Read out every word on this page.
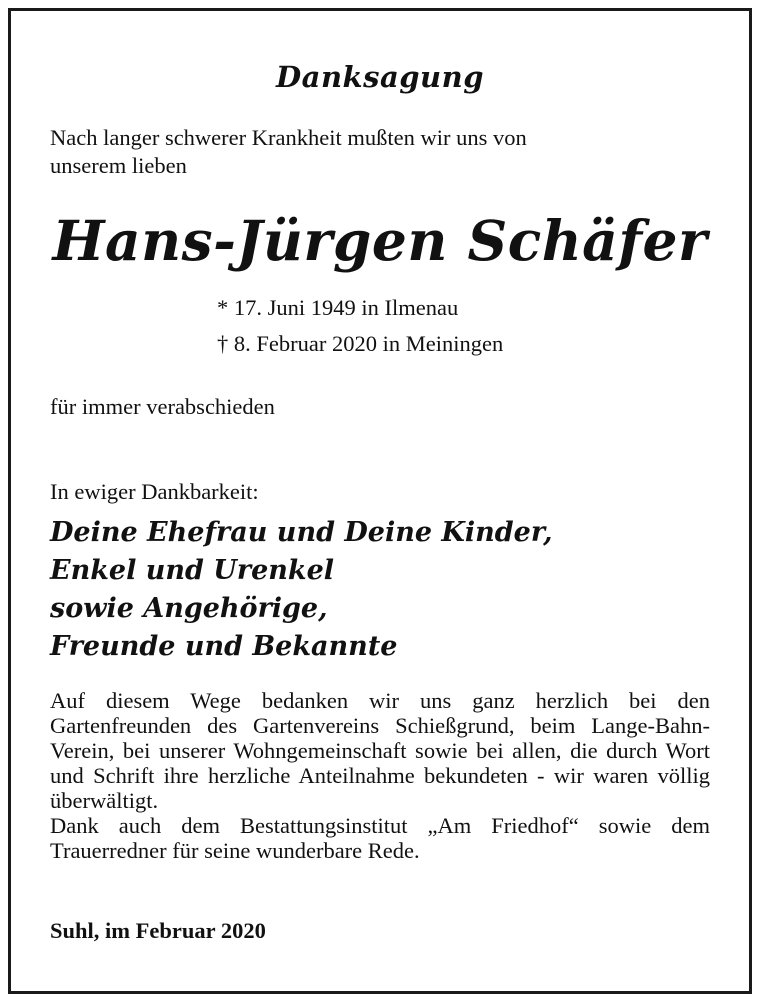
Danksagung
Nach langer schwerer Krankheit mußten wir uns von
unserem lieben
Hans-Jürgen Schäfer
* 17. Juni 1949 in Ilmenau
† 8. Februar 2020 in Meiningen
für immer verabschieden
In ewiger Dankbarkeit:
Deine Ehefrau und Deine Kinder,
Enkel und Urenkel
sowie Angehörige,
Freunde und Bekannte

Auf diesem Wege bedanken wir uns ganz herzlich bei den Gartenfreunden des Gartenvereins Schießgrund, beim Lange-Bahn-Verein, bei unserer Wohngemeinschaft sowie bei allen, die durch Wort und Schrift ihre herzliche Anteilnahme bekundeten - wir waren völlig überwältigt.

Dank auch dem Bestattungsinstitut „Am Friedhof“ sowie dem Trauerredner für seine wunderbare Rede.

Suhl, im Februar 2020
